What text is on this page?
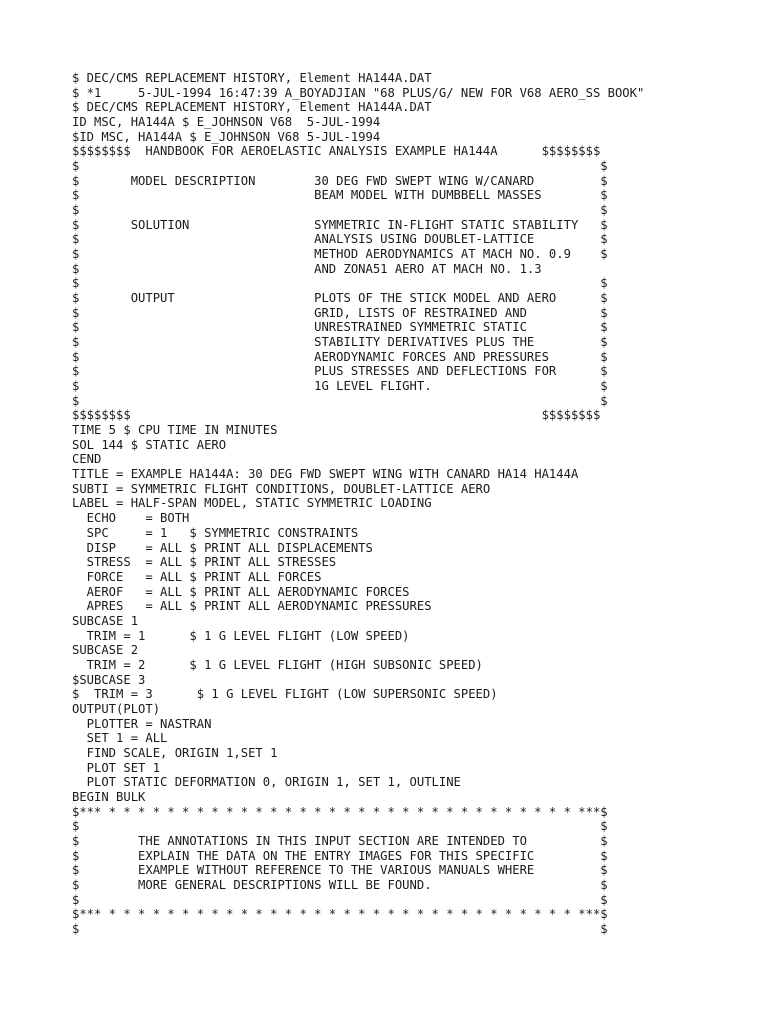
$ DEC/CMS REPLACEMENT HISTORY, Element HA144A.DAT
$ *1     5-JUL-1994 16:47:39 A_BOYADJIAN "68 PLUS/G/ NEW FOR V68 AERO_SS BOOK"
$ DEC/CMS REPLACEMENT HISTORY, Element HA144A.DAT
ID MSC, HA144A $ E_JOHNSON V68  5-JUL-1994
$ID MSC, HA144A $ E_JOHNSON V68 5-JUL-1994
$$$$$$$$  HANDBOOK FOR AEROELASTIC ANALYSIS EXAMPLE HA144A      $$$$$$$$
$                                                                       $
$       MODEL DESCRIPTION        30 DEG FWD SWEPT WING W/CANARD         $
$                                BEAM MODEL WITH DUMBBELL MASSES        $
$                                                                       $
$       SOLUTION                 SYMMETRIC IN-FLIGHT STATIC STABILITY   $
$                                ANALYSIS USING DOUBLET-LATTICE         $
$                                METHOD AERODYNAMICS AT MACH NO. 0.9    $
$                                AND ZONA51 AERO AT MACH NO. 1.3
$                                                                       $
$       OUTPUT                   PLOTS OF THE STICK MODEL AND AERO      $
$                                GRID, LISTS OF RESTRAINED AND          $
$                                UNRESTRAINED SYMMETRIC STATIC          $
$                                STABILITY DERIVATIVES PLUS THE         $
$                                AERODYNAMIC FORCES AND PRESSURES       $
$                                PLUS STRESSES AND DEFLECTIONS FOR      $
$                                1G LEVEL FLIGHT.                       $
$                                                                       $
$$$$$$$$                                                        $$$$$$$$
TIME 5 $ CPU TIME IN MINUTES
SOL 144 $ STATIC AERO
CEND
TITLE = EXAMPLE HA144A: 30 DEG FWD SWEPT WING WITH CANARD HA14 HA144A
SUBTI = SYMMETRIC FLIGHT CONDITIONS, DOUBLET-LATTICE AERO
LABEL = HALF-SPAN MODEL, STATIC SYMMETRIC LOADING
ECHO    = BOTH
SPC     = 1   $ SYMMETRIC CONSTRAINTS
DISP    = ALL $ PRINT ALL DISPLACEMENTS
STRESS  = ALL $ PRINT ALL STRESSES
FORCE   = ALL $ PRINT ALL FORCES
AEROF   = ALL $ PRINT ALL AERODYNAMIC FORCES
APRES   = ALL $ PRINT ALL AERODYNAMIC PRESSURES
SUBCASE 1
TRIM = 1      $ 1 G LEVEL FLIGHT (LOW SPEED)
SUBCASE 2
TRIM = 2      $ 1 G LEVEL FLIGHT (HIGH SUBSONIC SPEED)
$SUBCASE 3
$  TRIM = 3      $ 1 G LEVEL FLIGHT (LOW SUPERSONIC SPEED)
OUTPUT(PLOT)
PLOTTER = NASTRAN
SET 1 = ALL
FIND SCALE, ORIGIN 1,SET 1
PLOT SET 1
PLOT STATIC DEFORMATION 0, ORIGIN 1, SET 1, OUTLINE
BEGIN BULK
$*** * * * * * * * * * * * * * * * * * * * * * * * * * * * * * * * * ***$
$                                                                       $
$        THE ANNOTATIONS IN THIS INPUT SECTION ARE INTENDED TO          $
$        EXPLAIN THE DATA ON THE ENTRY IMAGES FOR THIS SPECIFIC         $
$        EXAMPLE WITHOUT REFERENCE TO THE VARIOUS MANUALS WHERE         $
$        MORE GENERAL DESCRIPTIONS WILL BE FOUND.                       $
$                                                                       $
$*** * * * * * * * * * * * * * * * * * * * * * * * * * * * * * * * * ***$
$                                                                       $
